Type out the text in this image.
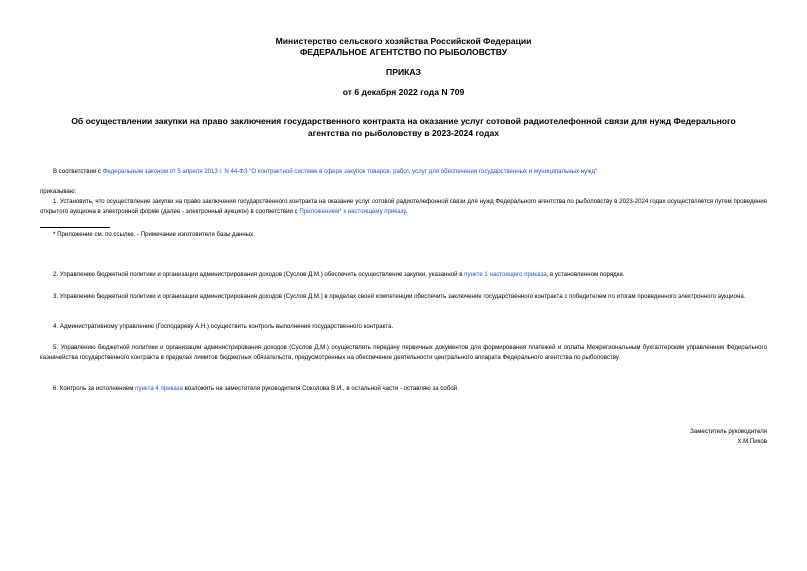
Министерство сельского хозяйства Российской Федерации
ФЕДЕРАЛЬНОЕ АГЕНТСТВО ПО РЫБОЛОВСТВУ
ПРИКАЗ
от 6 декабря 2022 года N 709
Об осуществлении закупки на право заключения государственного контракта на оказание услуг сотовой радиотелефонной связи для нужд Федерального
агентства по рыболовству в 2023-2024 годах
В соответствии с Федеральным законом от 5 апреля 2013 г. N 44-ФЗ "О контрактной системе в сфере закупок товаров, работ, услуг для обеспечения государственных и муниципальных нужд"
приказываю:
1. Установить, что осуществление закупки на право заключения государственного контракта на оказание услуг сотовой радиотелефонной связи для нужд Федерального агентства по рыболовству в 2023-2024 годах осуществляется путем проведения открытого аукциона в электронной форме (далее - электронный аукцион) в соответствии с Приложением* к настоящему приказу.
* Приложение см. по ссылке. - Примечание изготовителя базы данных.
2. Управлению бюджетной политики и организации администрирования доходов (Суслов Д.М.) обеспечить осуществление закупки, указанной в пункте 1 настоящего приказа, в установленном порядке.
3. Управлению бюджетной политики и организации администрирования доходов (Суслов Д.М.) в пределах своей компетенции обеспечить заключение государственного контракта с победителем по итогам проведенного электронного аукциона.
4. Административному управлению (Господареву А.Н.) осуществить контроль выполнения государственного контракта.
5. Управлению бюджетной политики и организации администрирования доходов (Суслов Д.М.) осуществлять передачу первичных документов для формирования платежей и оплаты Межрегиональным бухгалтерским управлением Федерального казначейства государственного контракта в пределах лимитов бюджетных обязательств, предусмотренных на обеспечение деятельности центрального аппарата Федерального агентства по рыболовству.
6. Контроль за исполнением пункта 4 приказа возложить на заместителя руководителя Соколова В.И., в остальной части - оставляю за собой.
Заместитель руководителя
Х.М.Пиков
